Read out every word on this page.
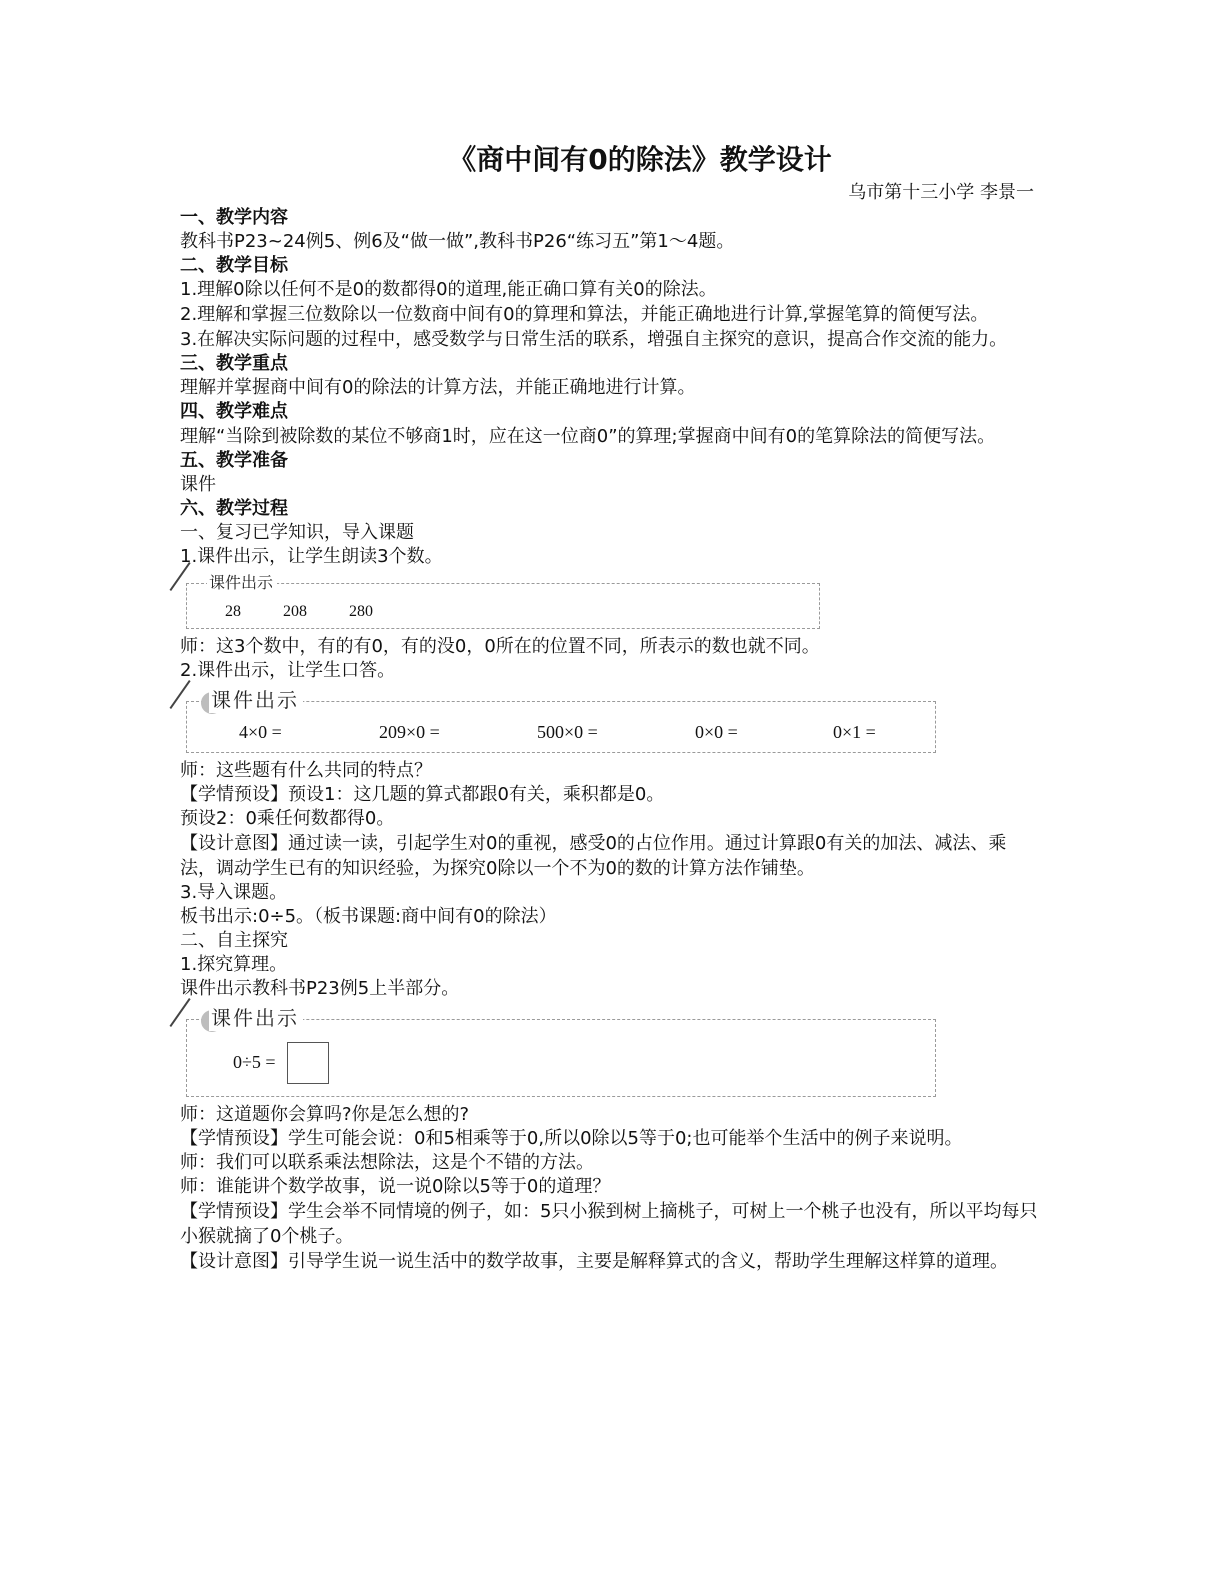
《商中间有0的除法》教学设计
乌市第十三小学 李景一

一、教学内容

教科书P23~24例5、例6及“做一做”,教科书P26“练习五”第1～4题。

二、教学目标

1.理解0除以任何不是0的数都得0的道理,能正确口算有关0的除法。

2.理解和掌握三位数除以一位数商中间有0的算理和算法，并能正确地进行计算,掌握笔算的简便写法。

3.在解决实际问题的过程中，感受数学与日常生活的联系，增强自主探究的意识，提高合作交流的能力。

三、教学重点

理解并掌握商中间有0的除法的计算方法，并能正确地进行计算。

四、教学难点

理解“当除到被除数的某位不够商1时，应在这一位商0”的算理;掌握商中间有0的笔算除法的简便写法。

五、教学准备

课件

六、教学过程

一、复习已学知识，导入课题

1.课件出示，让学生朗读3个数。

课件出示
28	208	280

师：这3个数中，有的有0，有的没0，0所在的位置不同，所表示的数也就不同。

2.课件出示，让学生口答。

课件出示
4×0 =	209×0 =	500×0 =	0×0 =	0×1 =

师：这些题有什么共同的特点？

【学情预设】预设1：这几题的算式都跟0有关，乘积都是0。

预设2：0乘任何数都得0。

【设计意图】通过读一读，引起学生对0的重视，感受0的占位作用。通过计算跟0有关的加法、减法、乘法，调动学生已有的知识经验，为探究0除以一个不为0的数的计算方法作铺垫。

3.导入课题。

板书出示:0÷5。（板书课题:商中间有0的除法）

二、自主探究

1.探究算理。

课件出示教科书P23例5上半部分。

课件出示
0÷5 =

师：这道题你会算吗?你是怎么想的?

【学情预设】学生可能会说：0和5相乘等于0,所以0除以5等于0;也可能举个生活中的例子来说明。

师：我们可以联系乘法想除法，这是个不错的方法。

师：谁能讲个数学故事，说一说0除以5等于0的道理？

【学情预设】学生会举不同情境的例子，如：5只小猴到树上摘桃子，可树上一个桃子也没有，所以平均每只小猴就摘了0个桃子。

【设计意图】引导学生说一说生活中的数学故事，主要是解释算式的含义，帮助学生理解这样算的道理。
